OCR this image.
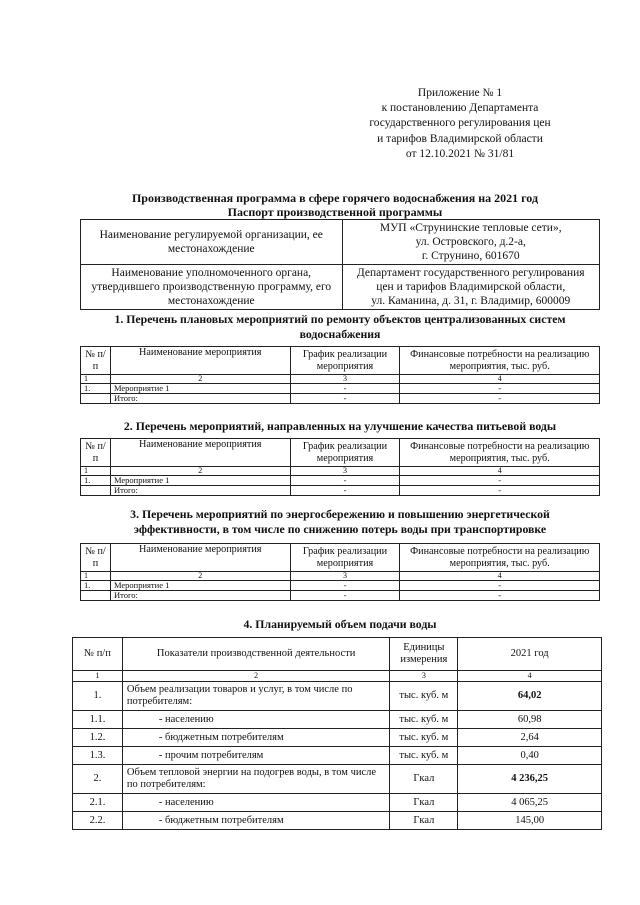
Приложение № 1
к постановлению Департамента
государственного регулирования цен
и тарифов Владимирской области
от 12.10.2021 № 31/81
Производственная программа в сфере горячего водоснабжения на 2021 год
Паспорт производственной программы
Наименование регулируемой организации, ее местонахождение	МУП «Струнинские тепловые сети»,
ул. Островского, д.2-а,
г. Струнино, 601670

Наименование уполномоченного органа, утвердившего производственную программу, его местонахождение	Департамент государственного регулирования
цен и тарифов Владимирской области,
ул. Каманина, д. 31, г. Владимир, 600009
1. Перечень плановых мероприятий по ремонту объектов централизованных систем
водоснабжения
№ п/п	Наименование мероприятия	График реализации мероприятия	Финансовые потребности на реализацию мероприятия, тыс. руб.
1	2	3	4
1.	Мероприятие 1	-	-
	Итого:	-	-
2. Перечень мероприятий, направленных на улучшение качества питьевой воды
№ п/п	Наименование мероприятия	График реализации мероприятия	Финансовые потребности на реализацию мероприятия, тыс. руб.
1	2	3	4
1.	Мероприятие 1	-	-
	Итого:	-	-
3. Перечень мероприятий по энергосбережению и повышению энергетической
эффективности, в том числе по снижению потерь воды при транспортировке
№ п/п	Наименование мероприятия	График реализации мероприятия	Финансовые потребности на реализацию мероприятия, тыс. руб.
1	2	3	4
1.	Мероприятие 1	-	-
	Итого:	-	-
4. Планируемый объем подачи воды
№ п/п	Показатели производственной деятельности	Единицы измерения	2021 год
1	2	3	4
1.	Объем реализации товаров и услуг, в том числе по потребителям:	тыс. куб. м	64,02
1.1.	- населению	тыс. куб. м	60,98
1.2.	- бюджетным потребителям	тыс. куб. м	2,64
1.3.	- прочим потребителям	тыс. куб. м	0,40
2.	Объем тепловой энергии на подогрев воды, в том числе по потребителям:	Гкал	4 236,25
2.1.	- населению	Гкал	4 065,25
2.2.	- бюджетным потребителям	Гкал	145,00
